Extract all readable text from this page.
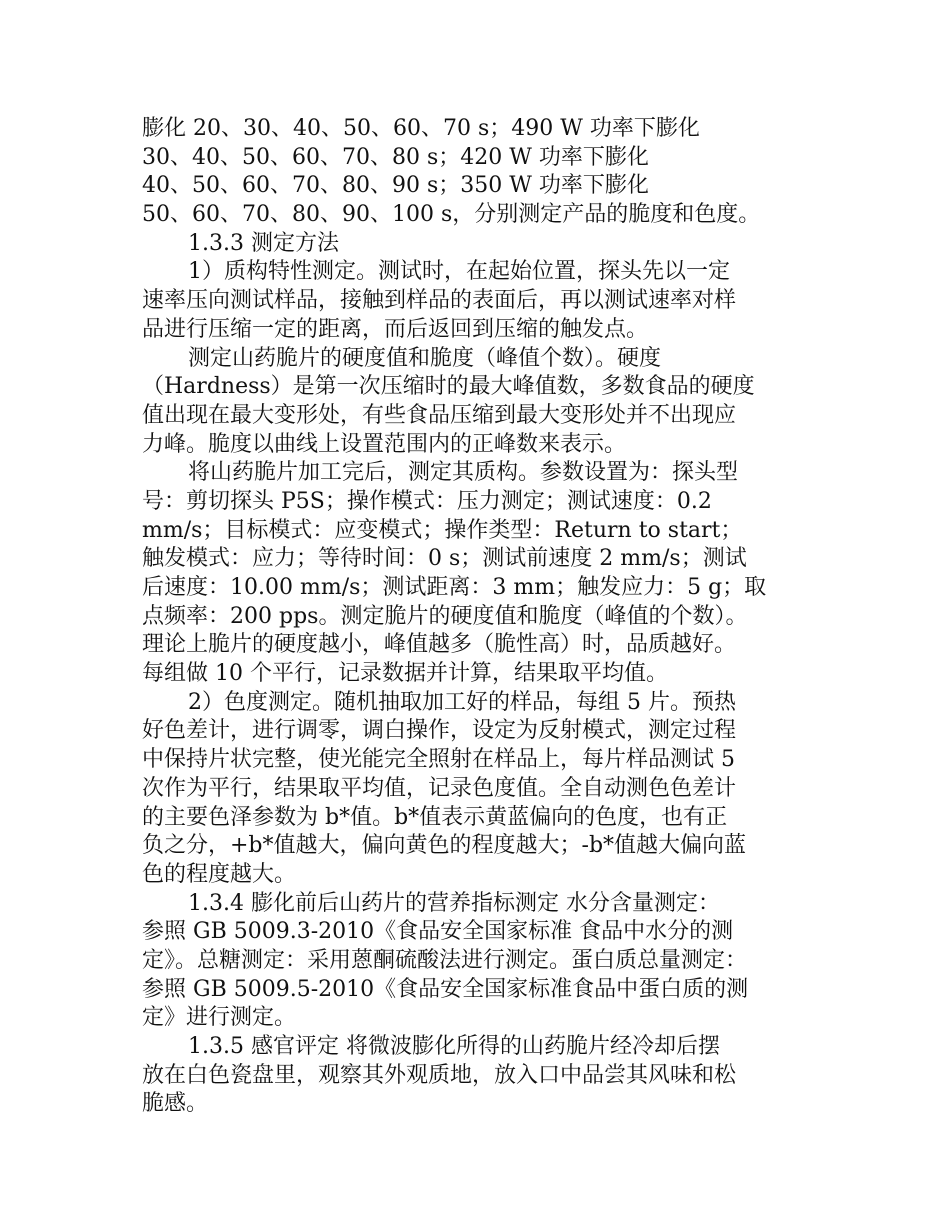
膨化 20、30、40、50、60、70 s；490 W 功率下膨化
30、40、50、60、70、80 s；420 W 功率下膨化
40、50、60、70、80、90 s；350 W 功率下膨化
50、60、70、80、90、100 s，分别测定产品的脆度和色度。
1.3.3 测定方法
1）质构特性测定。测试时，在起始位置，探头先以一定
速率压向测试样品，接触到样品的表面后，再以测试速率对样
品进行压缩一定的距离，而后返回到压缩的触发点。
测定山药脆片的硬度值和脆度（峰值个数）。硬度
（Hardness）是第一次压缩时的最大峰值数，多数食品的硬度
值出现在最大变形处，有些食品压缩到最大变形处并不出现应
力峰。脆度以曲线上设置范围内的正峰数来表示。
将山药脆片加工完后，测定其质构。参数设置为：探头型
号：剪切探头 P5S；操作模式：压力测定；测试速度：0.2
mm/s；目标模式：应变模式；操作类型：Return to start；
触发模式：应力；等待时间：0 s；测试前速度 2 mm/s；测试
后速度：10.00 mm/s；测试距离：3 mm；触发应力：5 g；取
点频率：200 pps。测定脆片的硬度值和脆度（峰值的个数）。
理论上脆片的硬度越小，峰值越多（脆性高）时，品质越好。
每组做 10 个平行，记录数据并计算，结果取平均值。
2）色度测定。随机抽取加工好的样品，每组 5 片。预热
好色差计，进行调零，调白操作，设定为反射模式，测定过程
中保持片状完整，使光能完全照射在样品上，每片样品测试 5
次作为平行，结果取平均值，记录色度值。全自动测色色差计
的主要色泽参数为 b*值。b*值表示黄蓝偏向的色度，也有正
负之分，+b*值越大，偏向黄色的程度越大；-b*值越大偏向蓝
色的程度越大。
1.3.4 膨化前后山药片的营养指标测定 水分含量测定：
参照 GB 5009.3-2010《食品安全国家标准 食品中水分的测
定》。总糖测定：采用蒽酮硫酸法进行测定。蛋白质总量测定：
参照 GB 5009.5-2010《食品安全国家标准食品中蛋白质的测
定》进行测定。
1.3.5 感官评定 将微波膨化所得的山药脆片经冷却后摆
放在白色瓷盘里，观察其外观质地，放入口中品尝其风味和松
脆感。
